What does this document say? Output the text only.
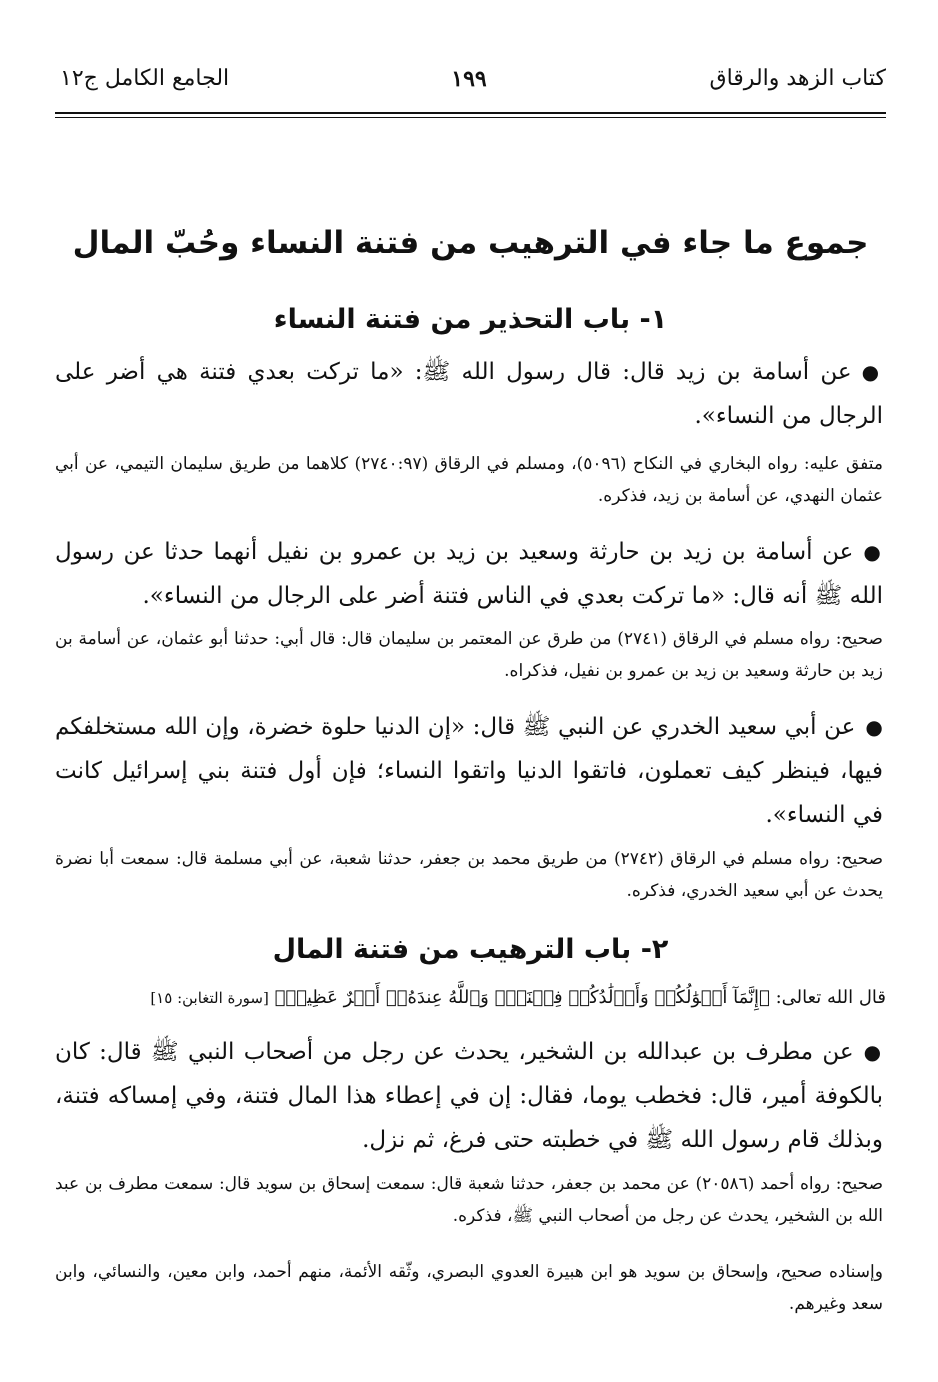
كتاب الزهد والرقاق
١٩٩
الجامع الكامل ج١٢
جموع ما جاء في الترهيب من فتنة النساء وحُبّ المال
١- باب التحذير من فتنة النساء
●عن أسامة بن زيد قال: قال رسول الله ﷺ: «ما تركت بعدي فتنة هي أضر على الرجال من النساء».
متفق عليه: رواه البخاري في النكاح (٥٠٩٦)، ومسلم في الرقاق (٢٧٤٠:٩٧) كلاهما من طريق سليمان التيمي، عن أبي عثمان النهدي، عن أسامة بن زيد، فذكره.
●عن أسامة بن زيد بن حارثة وسعيد بن زيد بن عمرو بن نفيل أنهما حدثا عن رسول الله ﷺ أنه قال: «ما تركت بعدي في الناس فتنة أضر على الرجال من النساء».
صحيح: رواه مسلم في الرقاق (٢٧٤١) من طرق عن المعتمر بن سليمان قال: قال أبي: حدثنا أبو عثمان، عن أسامة بن زيد بن حارثة وسعيد بن زيد بن عمرو بن نفيل، فذكراه.
●عن أبي سعيد الخدري عن النبي ﷺ قال: «إن الدنيا حلوة خضرة، وإن الله مستخلفكم فيها، فينظر كيف تعملون، فاتقوا الدنيا واتقوا النساء؛ فإن أول فتنة بني إسرائيل كانت في النساء».
صحيح: رواه مسلم في الرقاق (٢٧٤٢) من طريق محمد بن جعفر، حدثنا شعبة، عن أبي مسلمة قال: سمعت أبا نضرة يحدث عن أبي سعيد الخدري، فذكره.
٢- باب الترهيب من فتنة المال
قال الله تعالى: ﴿إِنَّمَآ أَمۡوَٰلُكُمۡ وَأَوۡلَٰدُكُمۡ فِتۡنَةٞۚ وَٱللَّهُ عِندَهُۥٓ أَجۡرٌ عَظِيمٞ﴾ [سورة التغابن: ١٥]
●عن مطرف بن عبدالله بن الشخير، يحدث عن رجل من أصحاب النبي ﷺ قال: كان بالكوفة أمير، قال: فخطب يوما، فقال: إن في إعطاء هذا المال فتنة، وفي إمساكه فتنة، وبذلك قام رسول الله ﷺ في خطبته حتى فرغ، ثم نزل.
صحيح: رواه أحمد (٢٠٥٨٦) عن محمد بن جعفر، حدثنا شعبة قال: سمعت إسحاق بن سويد قال: سمعت مطرف بن عبد الله بن الشخير، يحدث عن رجل من أصحاب النبي ﷺ، فذكره.
وإسناده صحيح، وإسحاق بن سويد هو ابن هبيرة العدوي البصري، وثّقه الأئمة، منهم أحمد، وابن معين، والنسائي، وابن سعد وغيرهم.
